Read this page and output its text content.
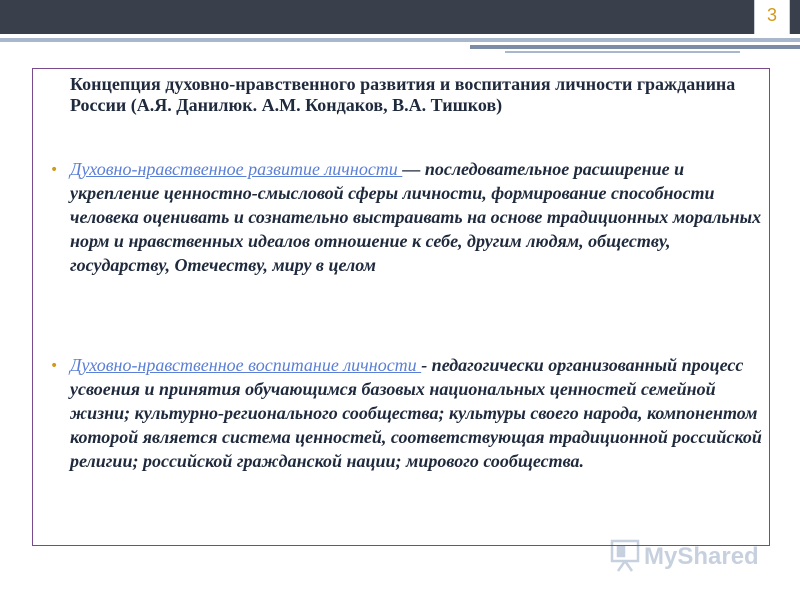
3

Концепция духовно-нравственного развития и воспитания личности гражданина России (А.Я. Данилюк. А.М. Кондаков, В.А. Тишков)

• Духовно-нравственное развитие личности — последовательное расширение и укрепление ценностно-смысловой сферы личности, формирование способности человека оценивать и сознательно выстраивать на основе традиционных моральных норм и нравственных идеалов отношение к себе, другим людям, обществу, государству, Отечеству, миру в целом

• Духовно-нравственное воспитание личности - педагогически организованный процесс усвоения и принятия обучающимся базовых национальных ценностей семейной жизни; культурно-регионального сообщества; культуры своего народа, компонентом которой является система ценностей, соответствующая традиционной российской религии; российской гражданской нации; мирового сообщества.

MyShared
